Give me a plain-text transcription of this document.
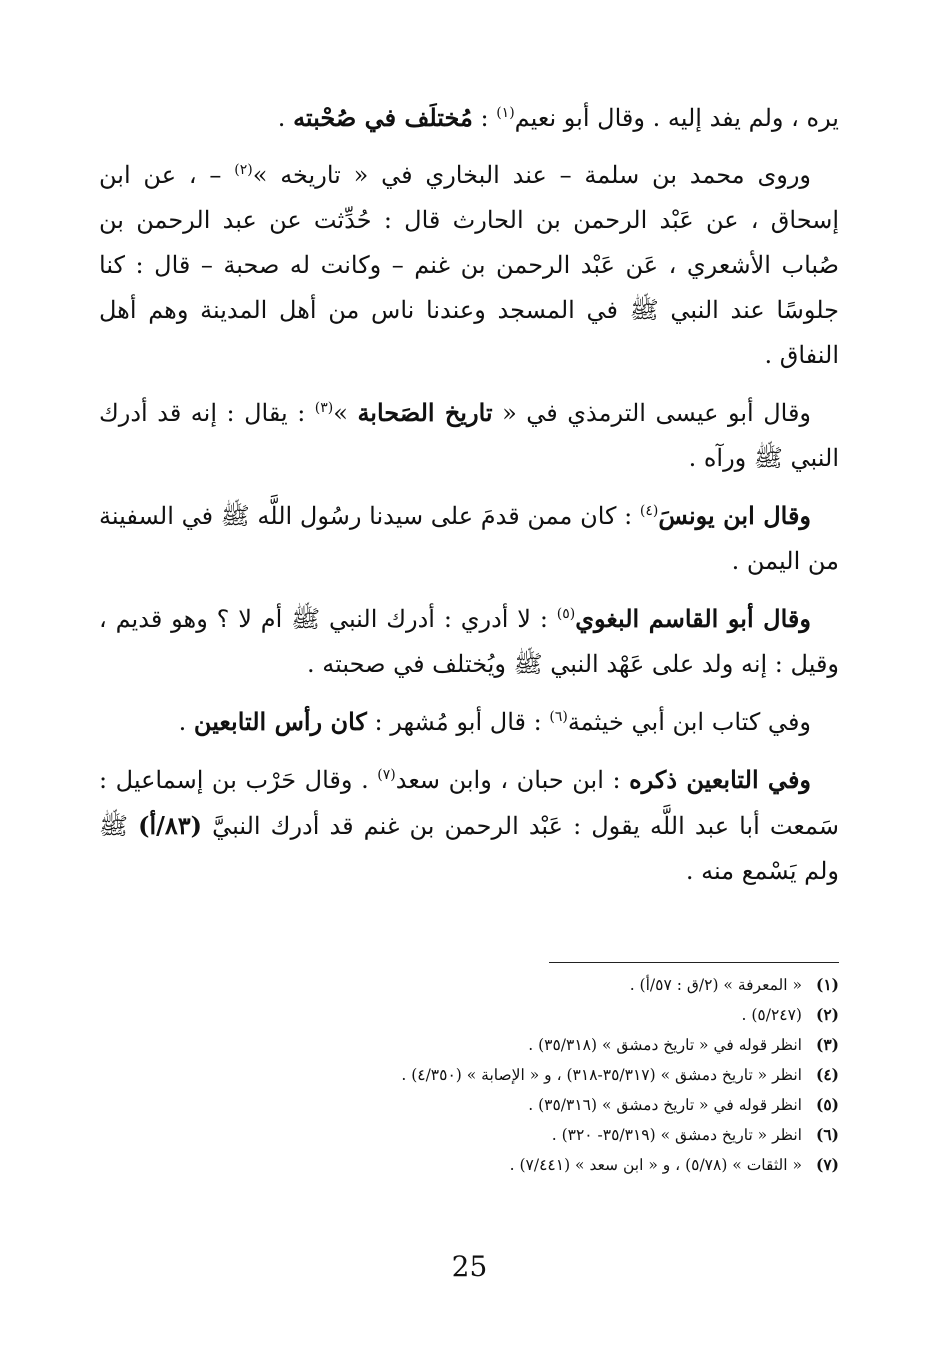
يره ، ولم يفد إليه . وقال أبو نعيم$^{(١)}$ : مُختلَف في صُحْبته .

وروى محمد بن سلمة – عند البخاري في « تاريخه »$^{(٢)}$ – ، عن ابن إسحاق ، عن عَبْد الرحمن بن الحارث قال : حُدِّثت عن عبد الرحمن بن صُباب الأشعري ، عَن عَبْد الرحمن بن غنم – وكانت له صحبة – قال : كنا جلوسًا عند النبي ﷺ في المسجد وعندنا ناس من أهل المدينة وهم أهل النفاق .

وقال أبو عيسى الترمذي في « تاريخ الصَحابة »$^{(٣)}$ : يقال : إنه قد أدرك النبي ﷺ ورآه .

وقال ابن يونسَ$^{(٤)}$ : كان ممن قدمَ على سيدنا رسُول اللَّه ﷺ في السفينة من اليمن .

وقال أبو القاسم البغوي$^{(٥)}$ : لا أدري : أدرك النبي ﷺ أم لا ؟ وهو قديم ، وقيل : إنه ولد على عَهْد النبي ﷺ ويُختلف في صحبته .

وفي كتاب ابن أبي خيثمة$^{(٦)}$ : قال أبو مُشهر : كان رأس التابعين .

وفي التابعين ذكره : ابن حبان ، وابن سعد$^{(٧)}$ . وقال حَرْب بن إسماعيل : سَمعت أبا عبد اللَّه يقول : عَبْد الرحمن بن غنم قد أدرك النبيَّ (٨٣/أ) ﷺ ولم يَسْمع منه .

(١)« المعرفة » (٢/ق : ٥٧/أ) .
(٢)(٥/٢٤٧) .
(٣)انظر قوله في « تاريخ دمشق » (٣٥/٣١٨) .
(٤)انظر « تاريخ دمشق » (٣٥/٣١٧-٣١٨) ، و « الإصابة » (٤/٣٥٠) .
(٥)انظر قوله في « تاريخ دمشق » (٣٥/٣١٦) .
(٦)انظر « تاريخ دمشق » (٣٥/٣١٩- ٣٢٠) .
(٧)« الثقات » (٥/٧٨) ، و « ابن سعد » (٧/٤٤١) .
25
